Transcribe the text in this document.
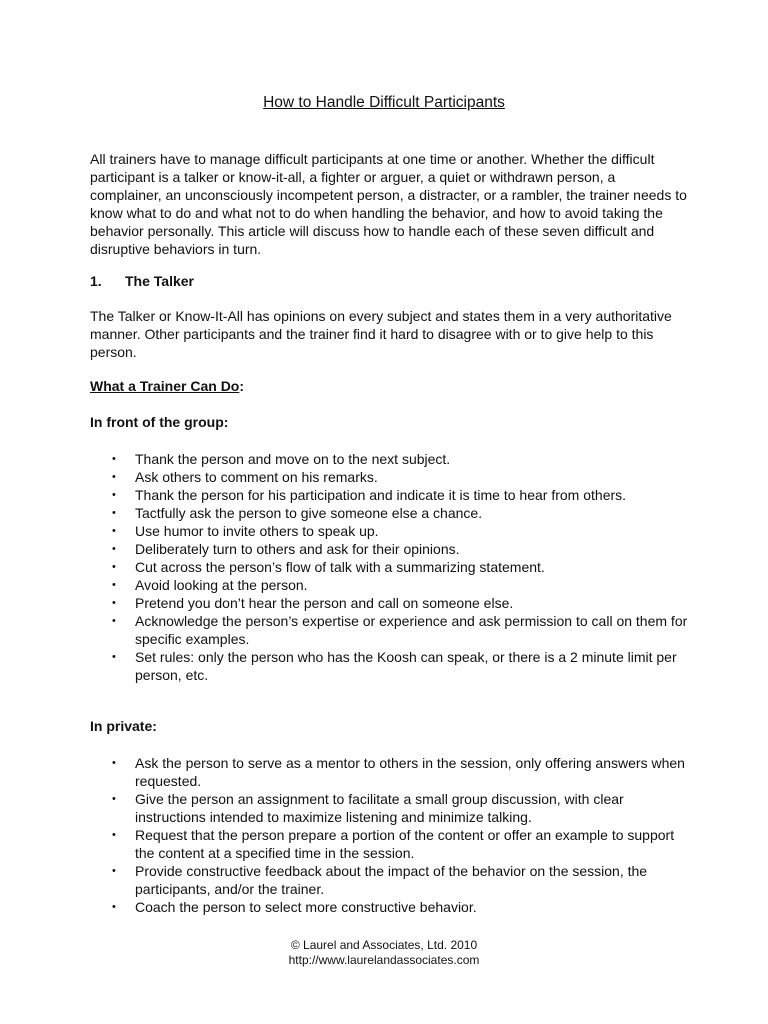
How to Handle Difficult Participants
All trainers have to manage difficult participants at one time or another. Whether the difficult participant is a talker or know-it-all, a fighter or arguer, a quiet or withdrawn person, a complainer, an unconsciously incompetent person, a distracter, or a rambler, the trainer needs to know what to do and what not to do when handling the behavior, and how to avoid taking the behavior personally. This article will discuss how to handle each of these seven difficult and disruptive behaviors in turn.
1. The Talker
The Talker or Know-It-All has opinions on every subject and states them in a very authoritative manner. Other participants and the trainer find it hard to disagree with or to give help to this person.
What a Trainer Can Do:
In front of the group:
• Thank the person and move on to the next subject.
• Ask others to comment on his remarks.
• Thank the person for his participation and indicate it is time to hear from others.
• Tactfully ask the person to give someone else a chance.
• Use humor to invite others to speak up.
• Deliberately turn to others and ask for their opinions.
• Cut across the person’s flow of talk with a summarizing statement.
• Avoid looking at the person.
• Pretend you don’t hear the person and call on someone else.
• Acknowledge the person’s expertise or experience and ask permission to call on them for specific examples.
• Set rules: only the person who has the Koosh can speak, or there is a 2 minute limit per person, etc.
In private:
• Ask the person to serve as a mentor to others in the session, only offering answers when requested.
• Give the person an assignment to facilitate a small group discussion, with clear instructions intended to maximize listening and minimize talking.
• Request that the person prepare a portion of the content or offer an example to support the content at a specified time in the session.
• Provide constructive feedback about the impact of the behavior on the session, the participants, and/or the trainer.
• Coach the person to select more constructive behavior.
© Laurel and Associates, Ltd. 2010
http://www.laurelandassociates.com
